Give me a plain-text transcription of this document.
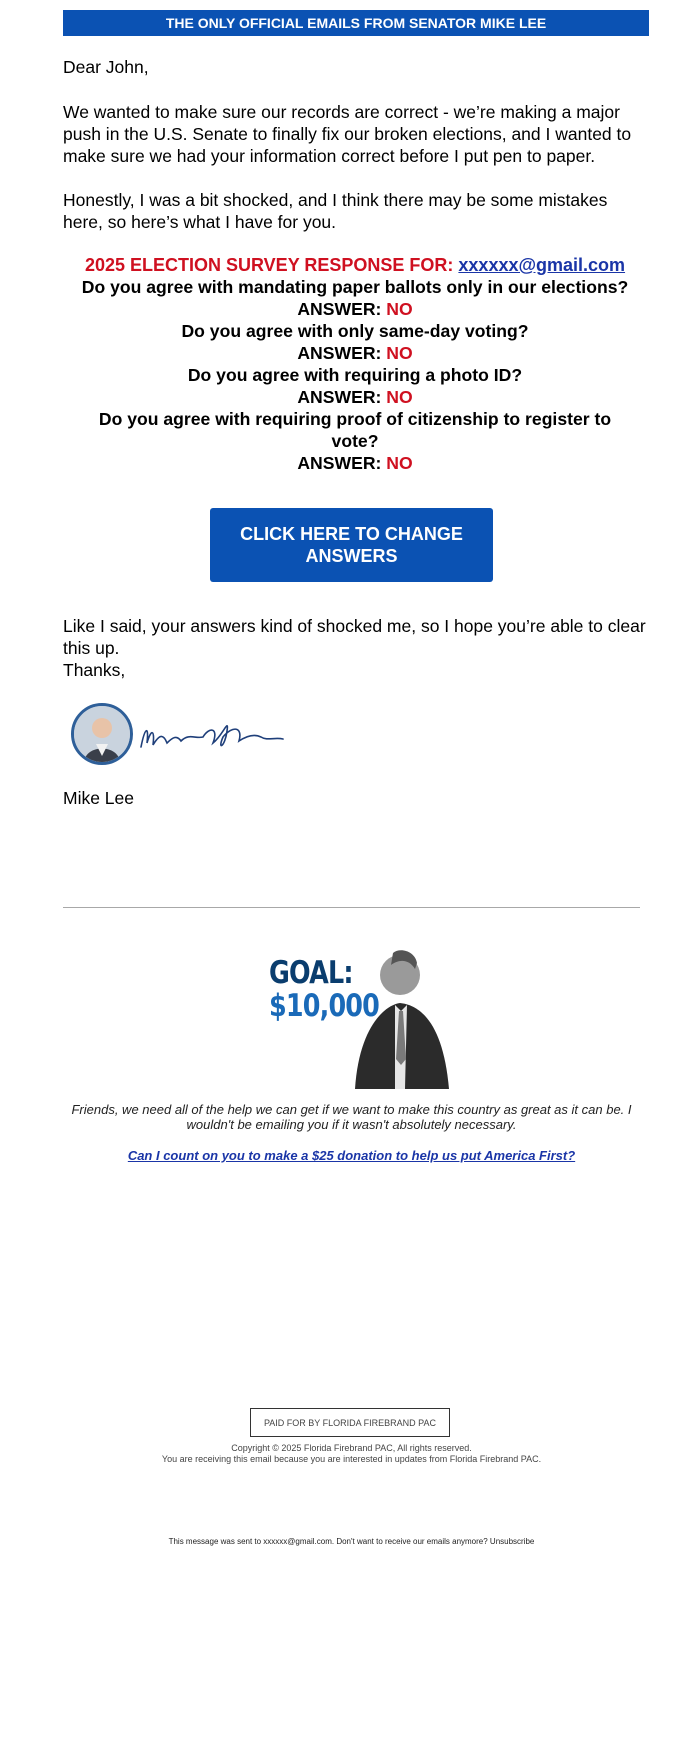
THE ONLY OFFICIAL EMAILS FROM SENATOR MIKE LEE

Dear John,

We wanted to make sure our records are correct - we’re making a major push in the U.S. Senate to finally fix our broken elections, and I wanted to make sure we had your information correct before I put pen to paper.

Honestly, I was a bit shocked, and I think there may be some mistakes here, so here’s what I have for you.

2025 ELECTION SURVEY RESPONSE FOR: xxxxxx@gmail.com
Do you agree with mandating paper ballots only in our elections?
ANSWER: NO
Do you agree with only same-day voting?
ANSWER: NO
Do you agree with requiring a photo ID?
ANSWER: NO
Do you agree with requiring proof of citizenship to register to vote?
ANSWER: NO
CLICK HERE TO CHANGE ANSWERS

Like I said, your answers kind of shocked me, so I hope you’re able to clear this up.

Thanks,

Mike Lee

GOAL:
$10,000
Friends, we need all of the help we can get if we want to make this country as great as it can be. I wouldn't be emailing you if it wasn't absolutely necessary.
Can I count on you to make a $25 donation to help us put America First?
PAID FOR BY FLORIDA FIREBRAND PAC
Copyright © 2025 Florida Firebrand PAC, All rights reserved.
You are receiving this email because you are interested in updates from Florida Firebrand PAC.
This message was sent to xxxxxx@gmail.com. Don't want to receive our emails anymore? Unsubscribe
